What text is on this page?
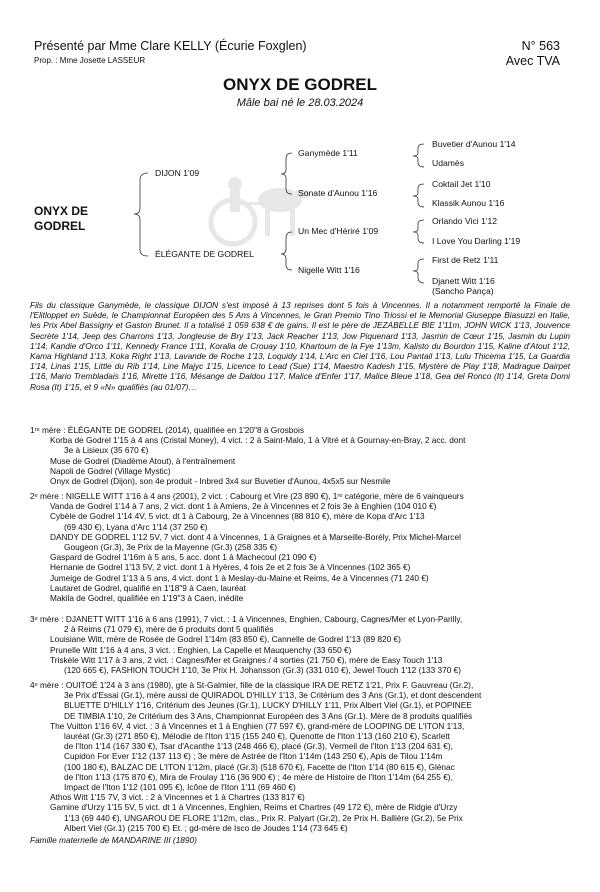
Présenté par Mme Clare KELLY (Écurie Foxglen)
Prop. : Mme Josette LASSEUR
N° 563
Avec TVA
ONYX DE GODREL
Mâle bai né le 28.03.2024
ONYX DE
GODREL
DIJON 1'09
ÉLÉGANTE DE GODREL
Ganymède 1'11
Sonate d'Aunou 1'16
Un Mec d'Hériré 1'09
Nigelle Witt 1'16
Buvetier d'Aunou 1'14
Udamès
Coktail Jet 1'10
Klassik Aunou 1'16
Orlando Vici 1'12
I Love You Darling 1'19
First de Retz 1'11
Djanett Witt 1'16
(Sancho Pança)
Fils du classique Ganymède, le classique DIJON s'est imposé à 13 reprises dont 5 fois à Vincennes. Il a notamment remporté la Finale de l'Elitloppet en Suède, le Championnat Européen des 5 Ans à Vincennes, le Gran Premio Tino Triossi et le Memorial Giuseppe Biasuzzi en Italie, les Prix Abel Bassigny et Gaston Brunet. Il a totalisé 1 059 638 € de gains. Il est le père de JEZABELLE BIE 1'11m, JOHN WICK 1'13, Jouvence Secrète 1'14, Jeep des Charrons 1'13, Jongleuse de Bry 1'13, Jack Reacher 1'13, Jow Piquenard 1'13, Jasmin de Cœur 1'15, Jasmin du Lupin 1'14, Kandie d'Orco 1'11, Kennedy France 1'11, Koralia de Crouay 1'10, Khartoum de la Fye 1'13m, Kalisto du Bourdon 1'15, Kaline d'Atout 1'12, Kama Highland 1'13, Koka Right 1'13, Lavande de Roche 1'13, Loquidy 1'14, L'Arc en Ciel 1'16, Lou Pantail 1'13, Lulu Thicema 1'15, La Guardia 1'14, Linas 1'15, Little du Rib 1'14, Line Majyc 1'15, Licence to Lead (Sue) 1'14, Maestro Kadesh 1'15, Mystère de Play 1'18, Madrague Dairpet 1'16, Mario Trembladais 1'16, Mirette 1'16, Mésange de Daldou 1'17, Malice d'Enfer 1'17, Malice Bleue 1'18, Gea del Ronco (It) 1'14, Greta Domi Rosa (It) 1'15, et 9 «N» qualifiés (au 01/07)…

1ʳᵉ mère : ÉLÉGANTE DE GODREL (2014), qualifiée en 1'20"8 à Grosbois

Korba de Godrel 1'15 à 4 ans (Cristal Money), 4 vict. : 2 à Saint-Malo, 1 à Vitré et à Gournay-en-Bray, 2 acc. dont

3e à Lisieux (35 670 €)

Muse de Godrel (Diadème Atout), à l'entraînement

Napoli de Godrel (Village Mystic)

Onyx de Godrel (Dijon), son 4e produit - Inbred 3x4 sur Buvetier d'Aunou, 4x5x5 sur Nesmile

2ᵉ mère : NIGELLE WITT 1'16 à 4 ans (2001), 2 vict. : Cabourg et Vire (23 890 €), 1ʳᵉ catégorie, mère de 6 vainqueurs

Vanda de Godrel 1'14 à 7 ans, 2 vict. dont 1 à Amiens, 2e à Vincennes et 2 fois 3e à Enghien (104 010 €)

Cybèle de Godrel 1'14 4V, 5 vict. dt 1 à Cabourg, 2e à Vincennes (88 810 €), mère de Kopa d'Arc 1'13

(69 430 €), Lyana d'Arc 1'14 (37 250 €)

DANDY DE GODREL 1'12 5V, 7 vict. dont 4 à Vincennes, 1 à Graignes et à Marseille-Borély, Prix Michel-Marcel

Gougeon (Gr.3), 3e Prix de la Mayenne (Gr.3) (258 335 €)

Gaspard de Godrel 1'16m à 5 ans, 5 acc. dont 1 à Machecoul (21 090 €)

Hernanie de Godrel 1'13 5V, 2 vict. dont 1 à Hyères, 4 fois 2e et 2 fois 3e à Vincennes (102 365 €)

Jumeige de Godrel 1'13 à 5 ans, 4 vict. dont 1 à Meslay-du-Maine et Reims, 4e à Vincennes (71 240 €)

Lautaret de Godrel, qualifié en 1'18"9 à Caen, lauréat

Makila de Godrel, qualifiée en 1'19"3 à Caen, inédite

3ᵉ mère : DJANETT WITT 1'16 à 6 ans (1991), 7 vict. : 1 à Vincennes, Enghien, Cabourg, Cagnes/Mer et Lyon-Parilly,

2 à Reims (71 079 €), mère de 6 produits dont 5 qualifiés

Louisiane Witt, mère de Rosée de Godrel 1'14m (83 850 €), Cannelle de Godrel 1'13 (89 820 €)

Prunelle Witt 1'16 à 4 ans, 3 vict. : Enghien, La Capelle et Mauquenchy (33 650 €)

Triskèle Witt 1'17 à 3 ans, 2 vict. : Cagnes/Mer et Graignes / 4 sorties (21 750 €), mère de Easy Touch 1'13

(120 665 €), FASHION TOUCH 1'10, 3e Prix H. Johansson (Gr.3) (331 010 €), Jewel Touch 1'12 (133 370 €)

4ᵉ mère : OUITOÉ 1'24 à 3 ans (1980), gte à St-Galmier, fille de la classique IRA DE RETZ 1'21, Prix F. Gauvreau (Gr.2),

3e Prix d'Essai (Gr.1), mère aussi de QUIRADOL D'HILLY 1'13, 3e Critérium des 3 Ans (Gr.1), et dont descendent

BLUETTE D'HILLY 1'16, Critérium des Jeunes (Gr.1), LUCKY D'HILLY 1'11, Prix Albert Viel (Gr.1), et POPINEE

DE TIMBIA 1'10, 2e Critérium des 3 Ans, Championnat Européen des 3 Ans (Gr.1). Mère de 8 produits qualifiés

The Vuitton 1'16 6V, 4 vict. : 3 à Vincennes et 1 à Enghien (77 597 €), grand-mère de LOOPING DE L'ITON 1'13,

lauréat (Gr.3) (271 850 €), Mélodie de l'Iton 1'15 (155 240 €), Quenotte de l'Iton 1'13 (160 210 €), Scarlett

de l'Iton 1'14 (167 330 €), Tsar d'Acanthe 1'13 (248 466 €), placé (Gr.3), Vermeil de l'Iton 1'13 (204 631 €),

Cupidon For Ever 1'12 (137 113 €) ; 3e mère de Astrée de l'Iton 1'14m (143 250 €), Apis de Tilou 1'14m

(100 180 €), BALZAC DE L'ITON 1'12m, placé (Gr.3) (518 670 €), Facette de l'Iton 1'14 (80 615 €), Glénac

de l'Iton 1'13 (175 870 €), Mira de Froulay 1'16 (36 900 €) ; 4e mère de Histoire de l'Iton 1'14m (64 255 €),

Impact de l'Iton 1'12 (101 095 €), Icône de l'Iton 1'11 (69 460 €)

Athos Witt 1'15 7V, 3 vict. : 2 à Vincennes et 1 à Chartres (133 817 €)

Gamine d'Urzy 1'15 5V, 5 vict. dt 1 à Vincennes, Enghien, Reims et Chartres (49 172 €), mère de Ridgie d'Urzy

1'13 (69 440 €), UNGAROU DE FLORE 1'12m, clas., Prix R. Palyart (Gr.2), 2e Prix H. Ballière (Gr.2), 5e Prix

Albert Viel (Gr.1) (215 700 €) Et. ; gd-mère de Isco de Joudes 1'14 (73 645 €)

Famille maternelle de MANDARINE III (1890)
